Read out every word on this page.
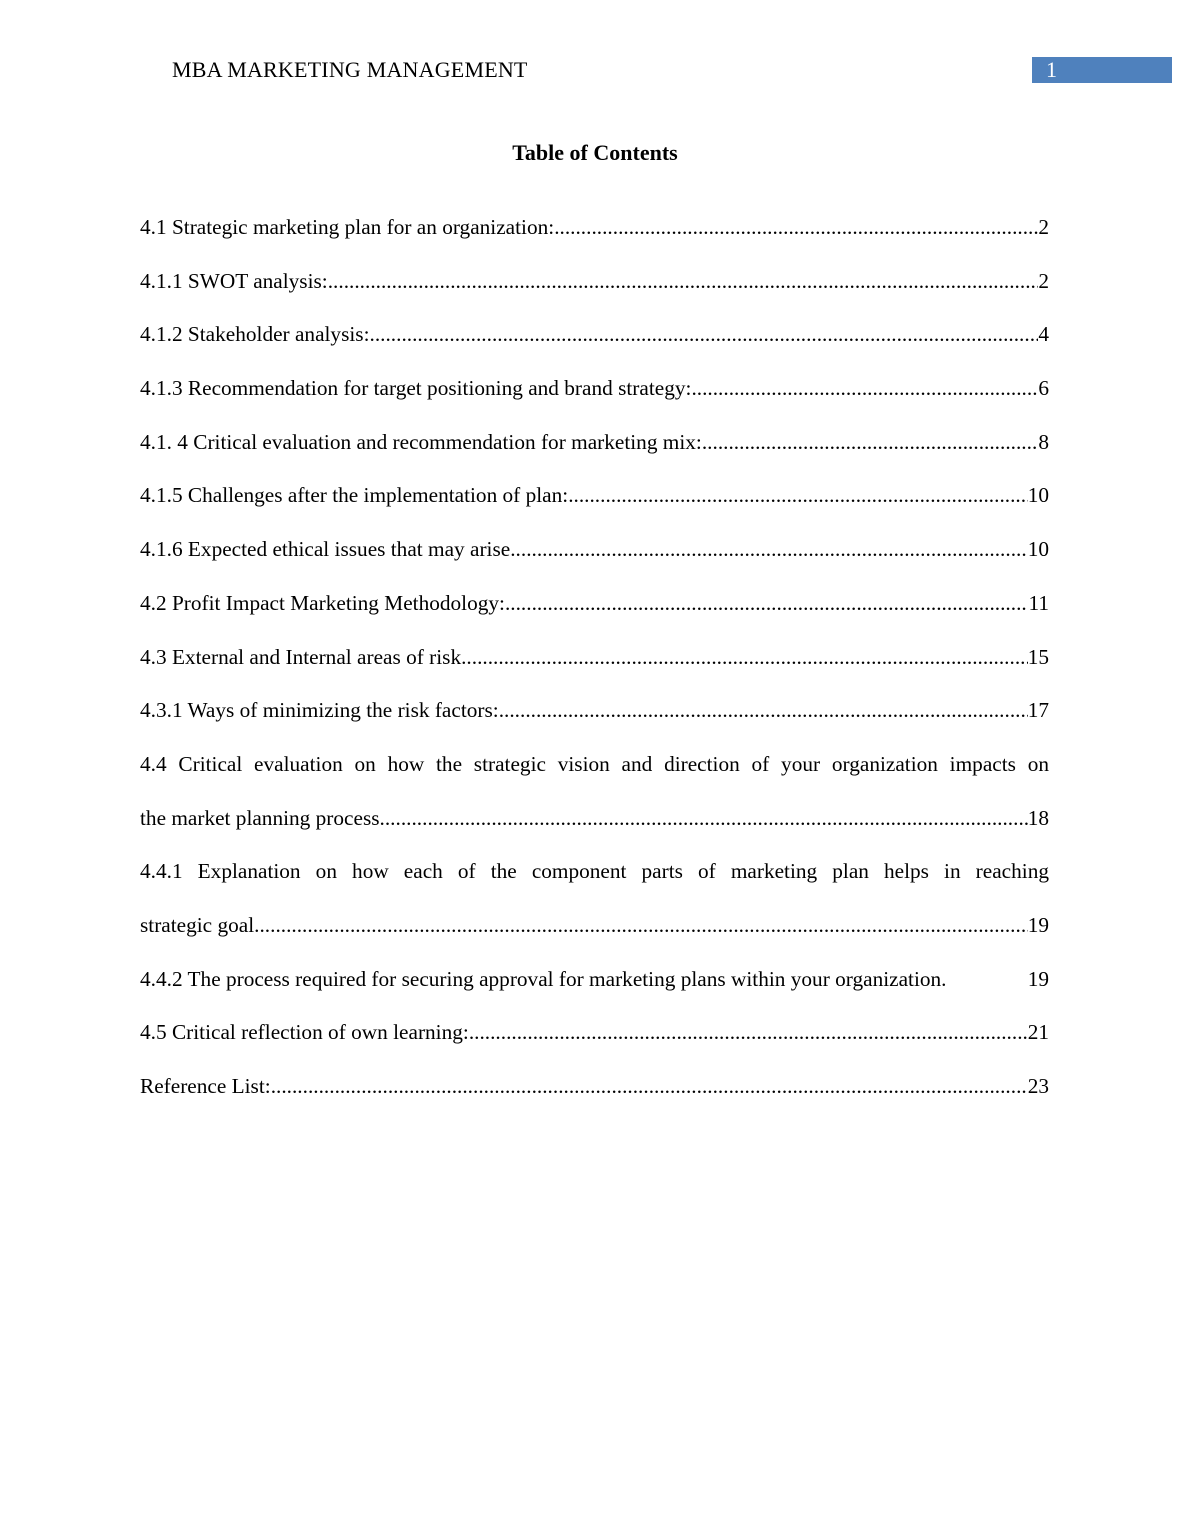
MBA MARKETING MANAGEMENT	1
Table of Contents
4.1 Strategic marketing plan for an organization: .....	2
4.1.1 SWOT analysis: .....	2
4.1.2 Stakeholder analysis: .....	4
4.1.3 Recommendation for target positioning and brand strategy: .....	6
4.1. 4 Critical evaluation and recommendation for marketing mix: .....	8
4.1.5 Challenges after the implementation of plan: .....	10
4.1.6 Expected ethical issues that may arise .....	10
4.2 Profit Impact Marketing Methodology: .....	11
4.3 External and Internal areas of risk .....	15
4.3.1 Ways of minimizing the risk factors: .....	17
4.4 Critical evaluation on how the strategic vision and direction of your organization impacts on
the market planning process .....	18
4.4.1 Explanation on how each of the component parts of marketing plan helps in reaching
strategic goal .....	19
4.4.2 The process required for securing approval for marketing plans within your organization.	19
4.5 Critical reflection of own learning: .....	21
Reference List: .....	23
